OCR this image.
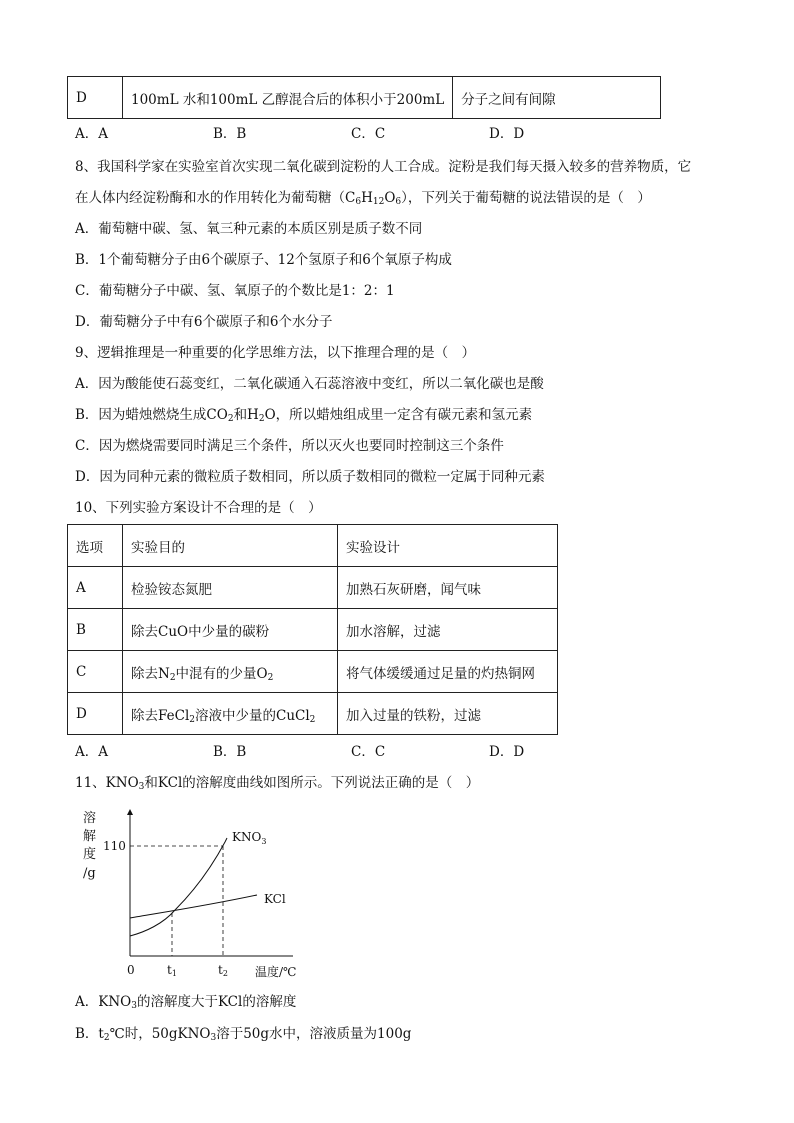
D	100mL 水和100mL 乙醇混合后的体积小于200mL	分子之间有间隙
A．A	B．B	C．C	D．D
8、我国科学家在实验室首次实现二氧化碳到淀粉的人工合成。淀粉是我们每天摄入较多的营养物质，它
在人体内经淀粉酶和水的作用转化为葡萄糖$(C_6H_{12}O_6)$，下列关于葡萄糖的说法错误的是（　）
A．葡萄糖中碳、氢、氧三种元素的本质区别是质子数不同
B．1个葡萄糖分子由6个碳原子、12个氢原子和6个氧原子构成
C．葡萄糖分子中碳、氢、氧原子的个数比是1：2：1
D．葡萄糖分子中有6个碳原子和6个水分子
9、逻辑推理是一种重要的化学思维方法，以下推理合理的是（　）
A．因为酸能使石蕊变红，二氧化碳通入石蕊溶液中变红，所以二氧化碳也是酸
B．因为蜡烛燃烧生成$CO_2$和$H_2O$，所以蜡烛组成里一定含有碳元素和氢元素
C．因为燃烧需要同时满足三个条件，所以灭火也要同时控制这三个条件
D．因为同种元素的微粒质子数相同，所以质子数相同的微粒一定属于同种元素
10、下列实验方案设计不合理的是（　）
选项	实验目的	实验设计
A	检验铵态氮肥	加熟石灰研磨，闻气味
B	除去CuO中少量的碳粉	加水溶解，过滤
C	除去$N_2$中混有的少量$O_2$	将气体缓缓通过足量的灼热铜网
D	除去FeCl$_2$溶液中少量的CuCl$_2$	加入过量的铁粉，过滤
A．A	B．B	C．C	D．D
11、$KNO_3$和KCl的溶解度曲线如图所示。下列说法正确的是（　）
溶
解
度
/g
110
$KNO_3$
KCl
0	t1	t2 温度/℃
A．$KNO_3$的溶解度大于KCl的溶解度
B．$t_2℃$时，50gKNO$_3$溶于50g水中，溶液质量为100g
